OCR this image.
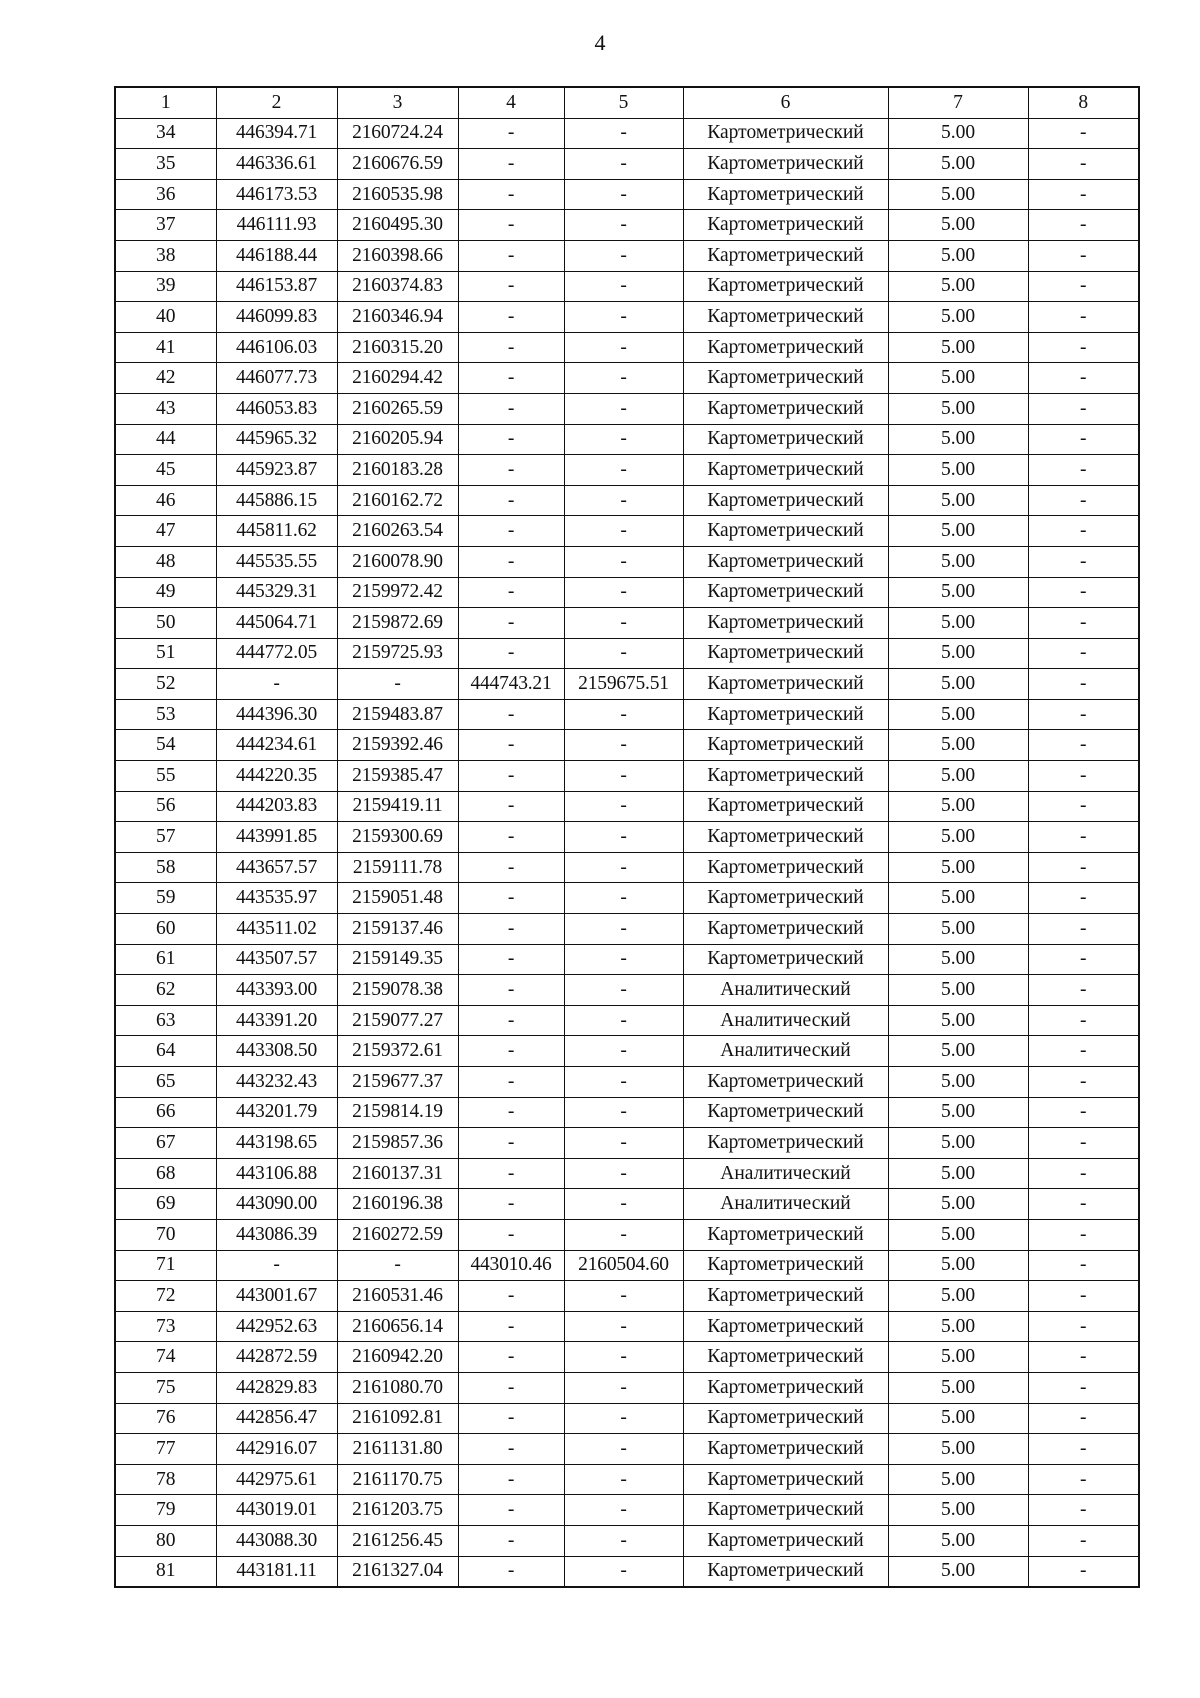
4
1	2	3	4	5	6	7	8
34	446394.71	2160724.24	-	-	Картометрический	5.00	-
35	446336.61	2160676.59	-	-	Картометрический	5.00	-
36	446173.53	2160535.98	-	-	Картометрический	5.00	-
37	446111.93	2160495.30	-	-	Картометрический	5.00	-
38	446188.44	2160398.66	-	-	Картометрический	5.00	-
39	446153.87	2160374.83	-	-	Картометрический	5.00	-
40	446099.83	2160346.94	-	-	Картометрический	5.00	-
41	446106.03	2160315.20	-	-	Картометрический	5.00	-
42	446077.73	2160294.42	-	-	Картометрический	5.00	-
43	446053.83	2160265.59	-	-	Картометрический	5.00	-
44	445965.32	2160205.94	-	-	Картометрический	5.00	-
45	445923.87	2160183.28	-	-	Картометрический	5.00	-
46	445886.15	2160162.72	-	-	Картометрический	5.00	-
47	445811.62	2160263.54	-	-	Картометрический	5.00	-
48	445535.55	2160078.90	-	-	Картометрический	5.00	-
49	445329.31	2159972.42	-	-	Картометрический	5.00	-
50	445064.71	2159872.69	-	-	Картометрический	5.00	-
51	444772.05	2159725.93	-	-	Картометрический	5.00	-
52	-	-	444743.21	2159675.51	Картометрический	5.00	-
53	444396.30	2159483.87	-	-	Картометрический	5.00	-
54	444234.61	2159392.46	-	-	Картометрический	5.00	-
55	444220.35	2159385.47	-	-	Картометрический	5.00	-
56	444203.83	2159419.11	-	-	Картометрический	5.00	-
57	443991.85	2159300.69	-	-	Картометрический	5.00	-
58	443657.57	2159111.78	-	-	Картометрический	5.00	-
59	443535.97	2159051.48	-	-	Картометрический	5.00	-
60	443511.02	2159137.46	-	-	Картометрический	5.00	-
61	443507.57	2159149.35	-	-	Картометрический	5.00	-
62	443393.00	2159078.38	-	-	Аналитический	5.00	-
63	443391.20	2159077.27	-	-	Аналитический	5.00	-
64	443308.50	2159372.61	-	-	Аналитический	5.00	-
65	443232.43	2159677.37	-	-	Картометрический	5.00	-
66	443201.79	2159814.19	-	-	Картометрический	5.00	-
67	443198.65	2159857.36	-	-	Картометрический	5.00	-
68	443106.88	2160137.31	-	-	Аналитический	5.00	-
69	443090.00	2160196.38	-	-	Аналитический	5.00	-
70	443086.39	2160272.59	-	-	Картометрический	5.00	-
71	-	-	443010.46	2160504.60	Картометрический	5.00	-
72	443001.67	2160531.46	-	-	Картометрический	5.00	-
73	442952.63	2160656.14	-	-	Картометрический	5.00	-
74	442872.59	2160942.20	-	-	Картометрический	5.00	-
75	442829.83	2161080.70	-	-	Картометрический	5.00	-
76	442856.47	2161092.81	-	-	Картометрический	5.00	-
77	442916.07	2161131.80	-	-	Картометрический	5.00	-
78	442975.61	2161170.75	-	-	Картометрический	5.00	-
79	443019.01	2161203.75	-	-	Картометрический	5.00	-
80	443088.30	2161256.45	-	-	Картометрический	5.00	-
81	443181.11	2161327.04	-	-	Картометрический	5.00	-
